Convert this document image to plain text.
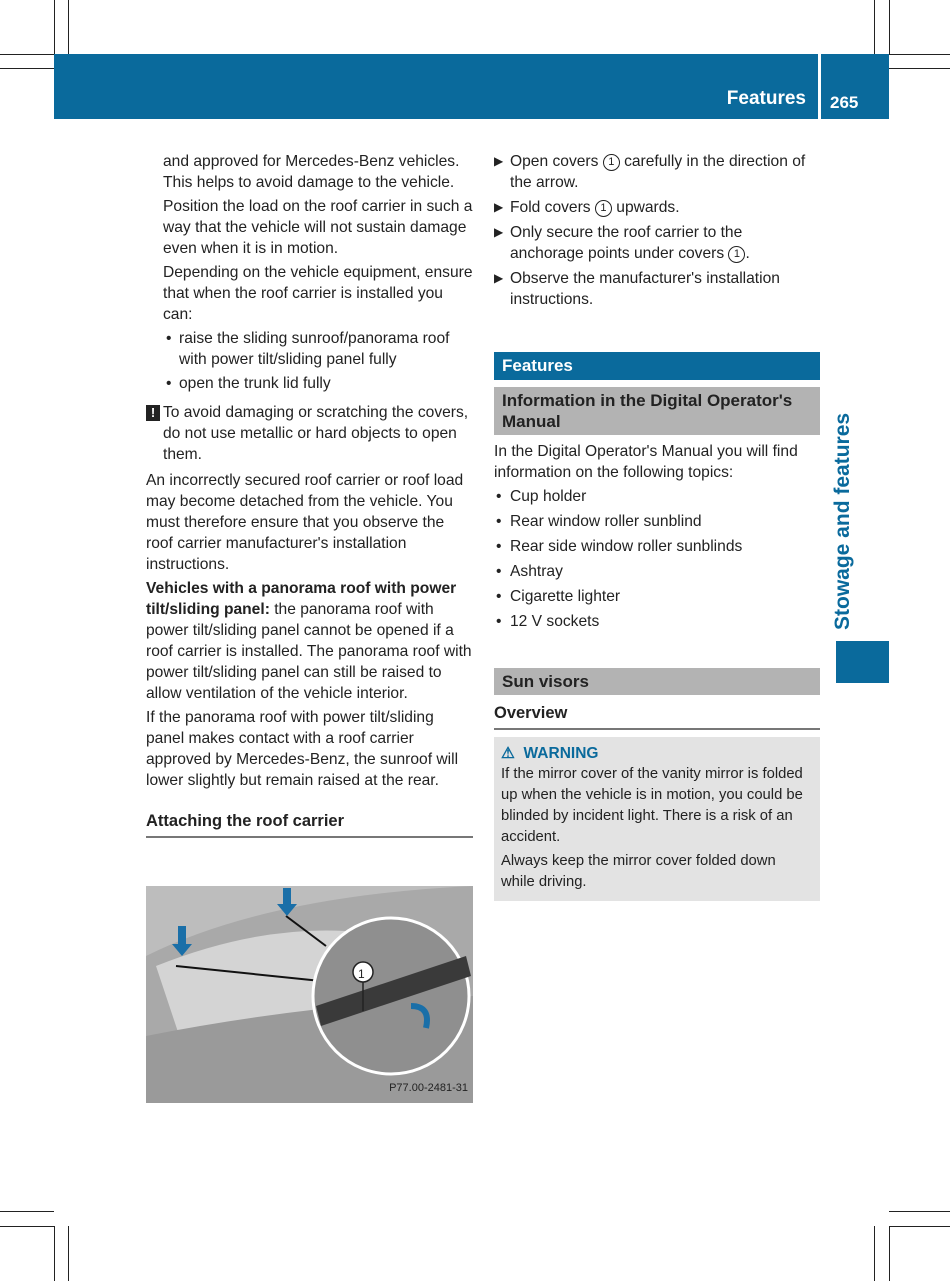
Features 265
Stowage and features

and approved for Mercedes-Benz vehicles. This helps to avoid damage to the vehicle.

Position the load on the roof carrier in such a way that the vehicle will not sustain damage even when it is in motion.

Depending on the vehicle equipment, ensure that when the roof carrier is installed you can:

• raise the sliding sunroof/panorama roof with power tilt/sliding panel fully
• open the trunk lid fully
! To avoid damaging or scratching the covers, do not use metallic or hard objects to open them.

An incorrectly secured roof carrier or roof load may become detached from the vehicle. You must therefore ensure that you observe the roof carrier manufacturer's installation instructions.

Vehicles with a panorama roof with power tilt/sliding panel: the panorama roof with power tilt/sliding panel cannot be opened if a roof carrier is installed. The panorama roof with power tilt/sliding panel can still be raised to allow ventilation of the vehicle interior.

If the panorama roof with power tilt/sliding panel makes contact with a roof carrier approved by Mercedes-Benz, the sunroof will lower slightly but remain raised at the rear.

Attaching the roof carrier
1
P77.00-2481-31
▶ Open covers 1 carefully in the direction of the arrow.
▶ Fold covers 1 upwards.
▶ Only secure the roof carrier to the anchorage points under covers 1 .
▶ Observe the manufacturer's installation instructions.
Features
Information in the Digital Operator's Manual

In the Digital Operator's Manual you will find information on the following topics:

• Cup holder
• Rear window roller sunblind
• Rear side window roller sunblinds
• Ashtray
• Cigarette lighter
• 12 V sockets
Sun visors
Overview
⚠ WARNING

If the mirror cover of the vanity mirror is folded up when the vehicle is in motion, you could be blinded by incident light. There is a risk of an accident.

Always keep the mirror cover folded down while driving.
